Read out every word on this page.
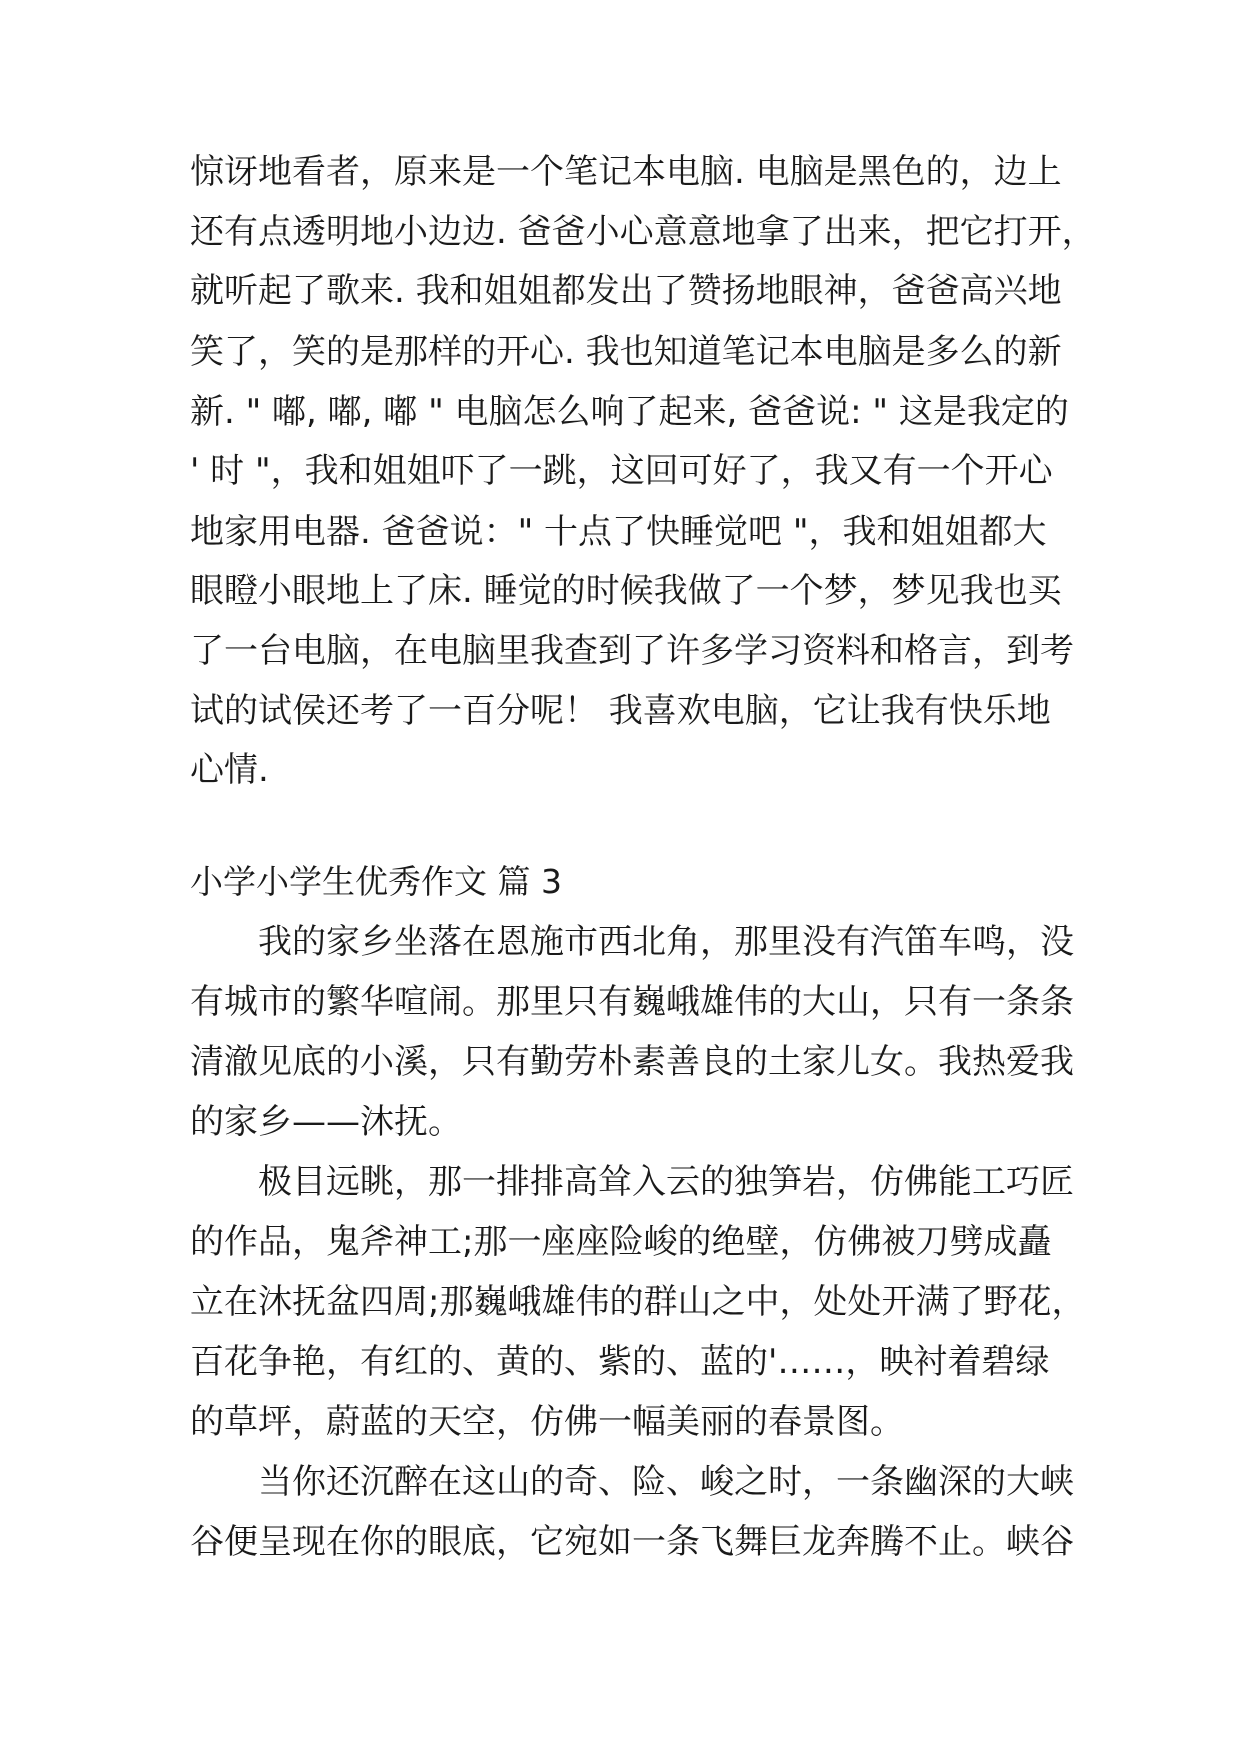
惊讶地看者，原来是一个笔记本电脑. 电脑是黑色的，边上
还有点透明地小边边. 爸爸小心意意地拿了出来，把它打开，
就听起了歌来. 我和姐姐都发出了赞扬地眼神，爸爸高兴地
笑了，笑的是那样的开心. 我也知道笔记本电脑是多么的新
新. " 嘟, 嘟, 嘟 " 电脑怎么响了起来, 爸爸说: " 这是我定的
' 时 "，我和姐姐吓了一跳，这回可好了，我又有一个开心
地家用电器. 爸爸说：" 十点了快睡觉吧 "，我和姐姐都大
眼瞪小眼地上了床. 睡觉的时候我做了一个梦，梦见我也买
了一台电脑，在电脑里我查到了许多学习资料和格言，到考
试的试侯还考了一百分呢！ 我喜欢电脑，它让我有快乐地
心情.
小学小学生优秀作文 篇 3
我的家乡坐落在恩施市西北角，那里没有汽笛车鸣，没
有城市的繁华喧闹。那里只有巍峨雄伟的大山，只有一条条
清澈见底的小溪，只有勤劳朴素善良的土家儿女。我热爱我
的家乡——沐抚。
极目远眺，那一排排高耸入云的独笋岩，仿佛能工巧匠
的作品，鬼斧神工;那一座座险峻的绝壁，仿佛被刀劈成矗
立在沐抚盆四周;那巍峨雄伟的群山之中，处处开满了野花，
百花争艳，有红的、黄的、紫的、蓝的'……，映衬着碧绿
的草坪，蔚蓝的天空，仿佛一幅美丽的春景图。
当你还沉醉在这山的奇、险、峻之时，一条幽深的大峡
谷便呈现在你的眼底，它宛如一条飞舞巨龙奔腾不止。峡谷
